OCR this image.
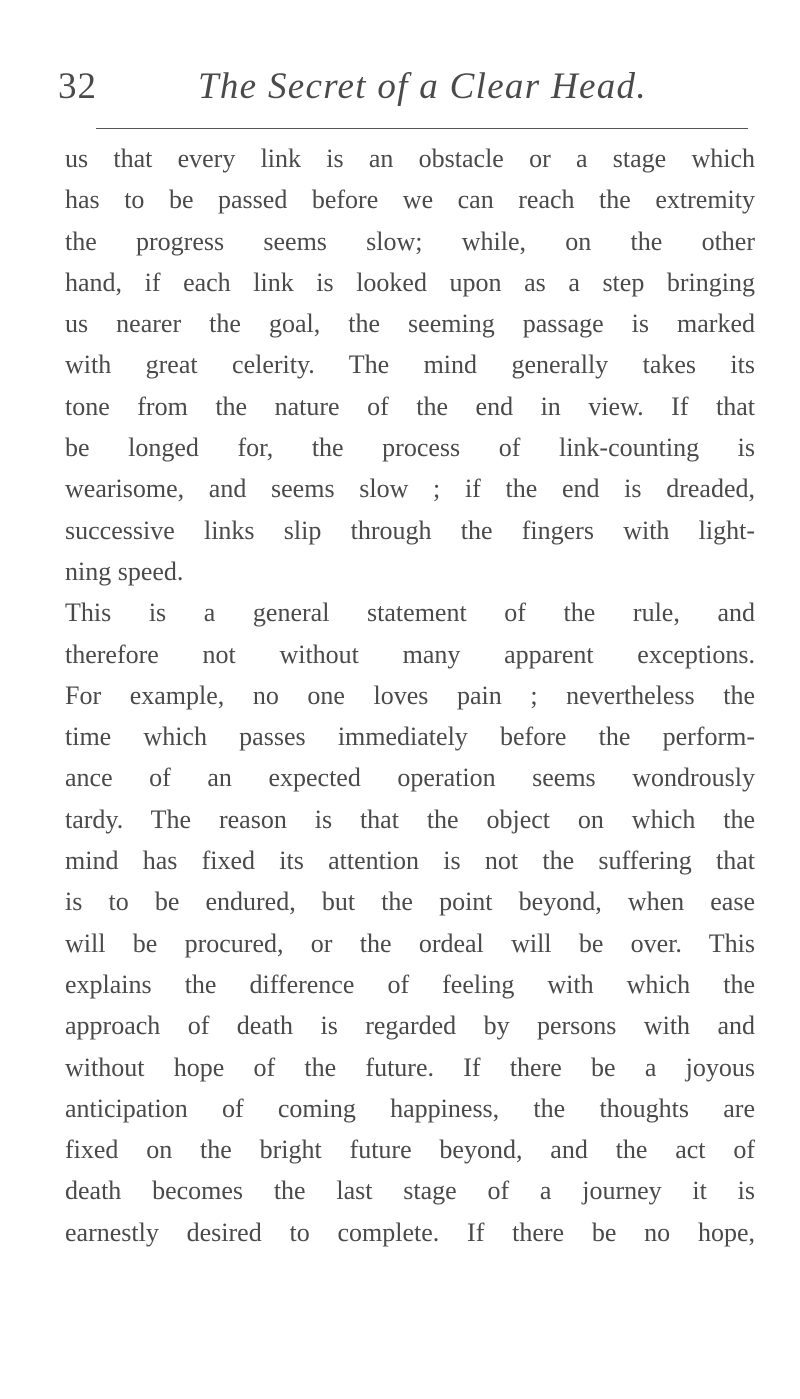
32	The Secret of a Clear Head.
us that every link is an obstacle or a stage which
has to be passed before we can reach the extremity
the progress seems slow; while, on the other
hand, if each link is looked upon as a step bringing
us nearer the goal, the seeming passage is marked
with great celerity. The mind generally takes its
tone from the nature of the end in view. If that
be longed for, the process of link-counting is
wearisome, and seems slow ; if the end is dreaded,
successive links slip through the fingers with light-
ning speed.
This is a general statement of the rule, and
therefore not without many apparent exceptions.
For example, no one loves pain ; nevertheless the
time which passes immediately before the perform-
ance of an expected operation seems wondrously
tardy. The reason is that the object on which the
mind has fixed its attention is not the suffering that
is to be endured, but the point beyond, when ease
will be procured, or the ordeal will be over. This
explains the difference of feeling with which the
approach of death is regarded by persons with and
without hope of the future. If there be a joyous
anticipation of coming happiness, the thoughts are
fixed on the bright future beyond, and the act of
death becomes the last stage of a journey it is
earnestly desired to complete. If there be no hope,
